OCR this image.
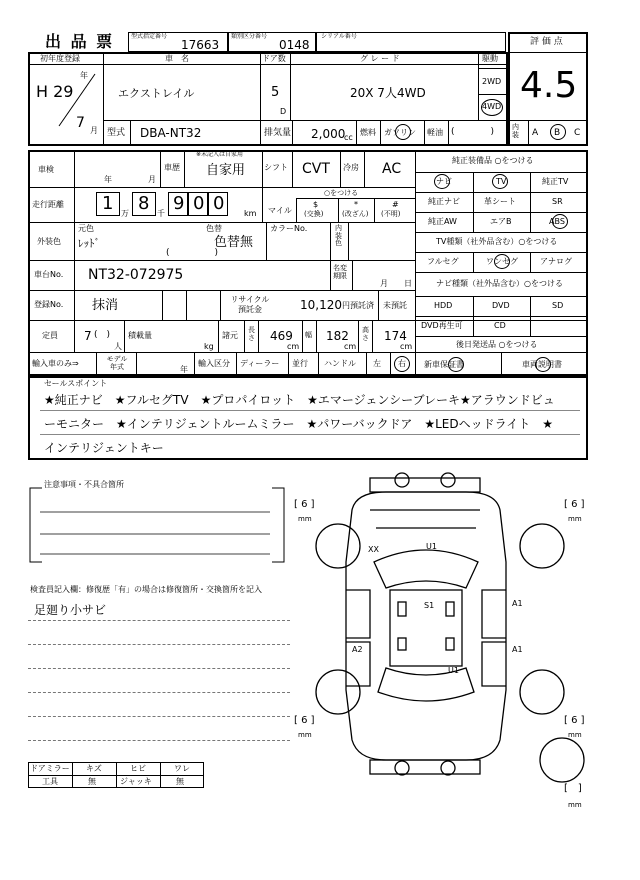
出 品 票	型式指定番号
17663
類別区分番号
0148
シリアル番号
初年度登録
H 29
年
7 月
車　名
エクストレイル
ドア数
5
D
グ レ ー ド
20X 7人4WD
駆動
2WD
4WD
型式 DBA-NT32	排気量 2,000
cc
燃料 ガソリン 軽油 (　　　　)	内装	A B C
評 価 点
4.5
車検
年	月
車歴
※未記入は自家用
自家用 シフト CVT 冷房 AC
走行距離 1 万 8 千 9 0 0 km マイル
○をつける
$
(交換)
*
(改ざん)
#
(不明)
外装色
元色
ﾚｯﾄﾞ
色替
色替無
(　　　　　)
カラーNo.	内装色
車台No. NT32-072975	名変期限
月 日
登録No. 抹消	リサイクル預託金	10,120 円預託済 未預託
定員 7 (　)
人
積載量
kg
諸元
長さ 469
cm
幅 182
cm
高さ 174
cm
輸入車のみ⇒	モデル年式	年
輸入区分 ディーラー 並行 ハンドル 左 右
純正装備品 ○をつける
ナビ	TV	純正TV
純正ナビ	革シート	SR
純正AW	エアB	ABS
TV種類（社外品含む）○をつける
フルセグ	ワンセグ	アナログ
ナビ種類（社外品含む）○をつける
HDD	DVD	SD
DVD再生可	CD
後日発送品 ○をつける
新車保証書	車両説明書
セールスポイント
★純正ナビ　★フルセグTV　★プロパイロット　★エマージェンシーブレーキ★アラウンドビュ
ーモニター　★インテリジェントルームミラー　★パワーバックドア　★LEDヘッドライト　★
インテリジェントキー
注意事項・不具合箇所
検査員記入欄：修復歴「有」の場合は修復箇所・交換箇所を記入
足廻り小サビ
[ 6 ]
mm
[ 6 ]
mm
[ 6 ]
mm
[ 6 ]
mm
[　]
mm
XX	U1
S1	A1
A2	A1
U1
ドアミラー キズ	ヒビ	ワレ
工具	無	ジャッキ	無
